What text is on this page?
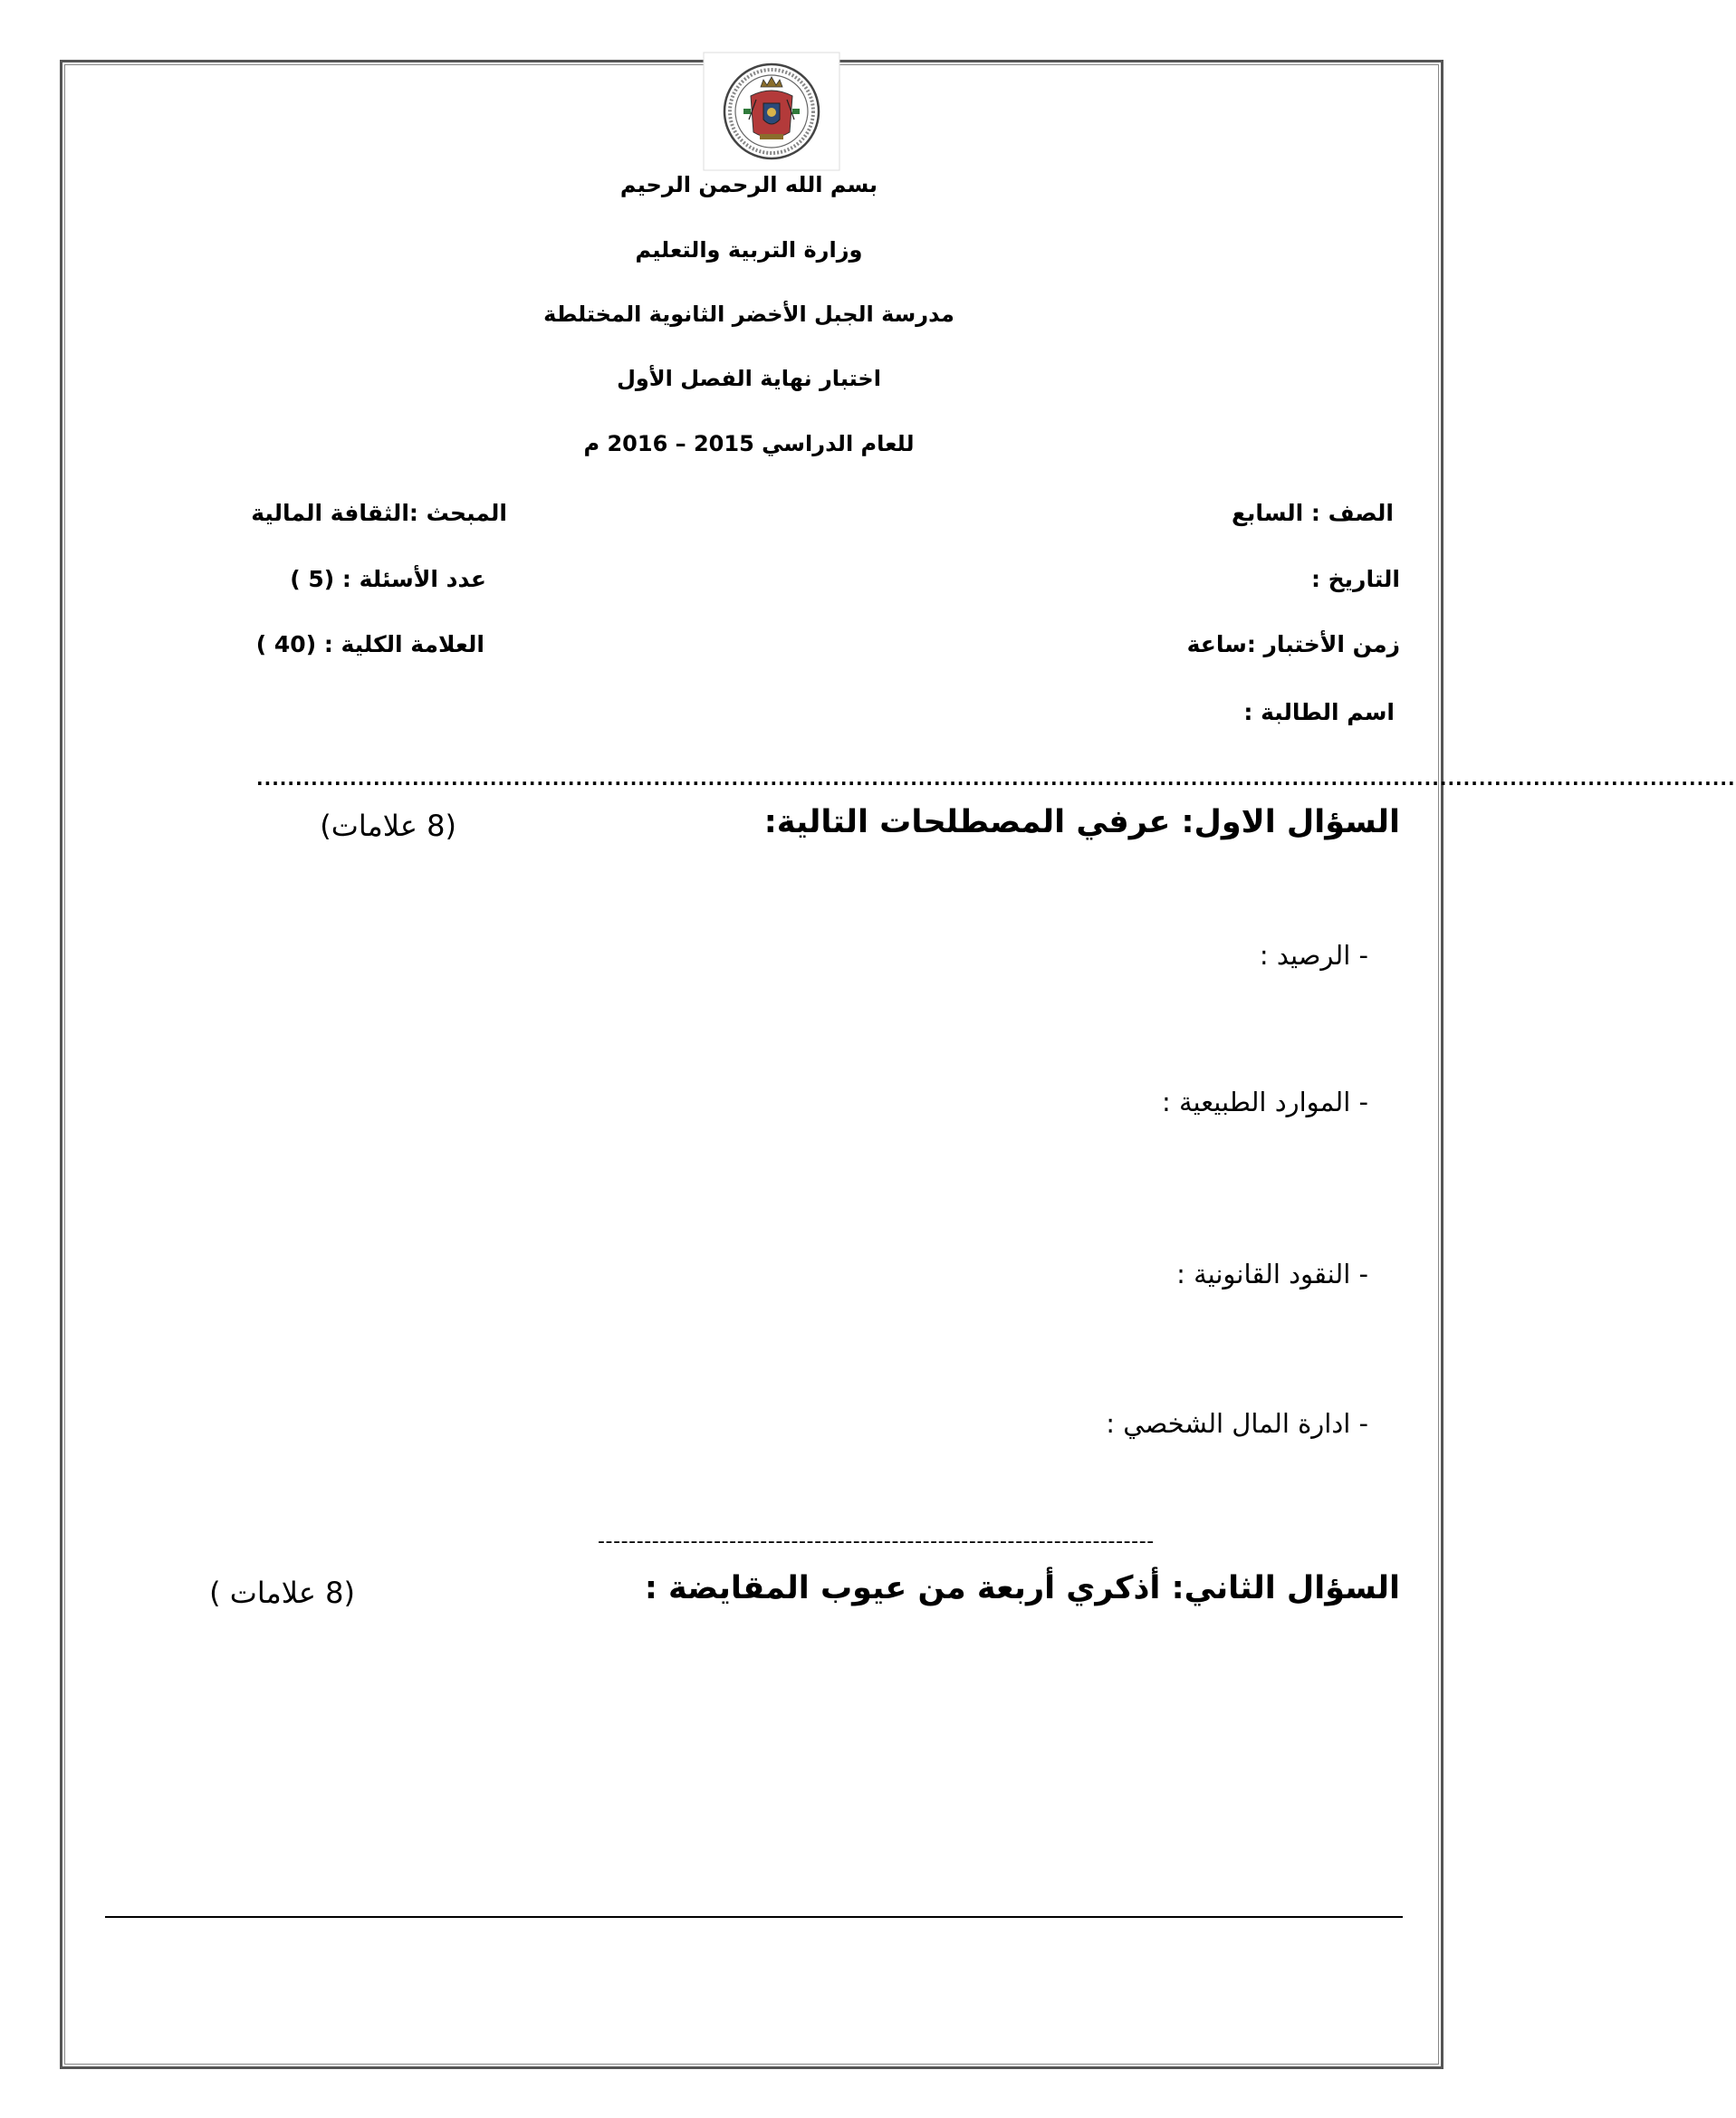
بسم الله الرحمن الرحيم
وزارة التربية والتعليم
مدرسة الجبل الأخضر الثانوية المختلطة
اختبار نهاية الفصل الأول
للعام الدراسي 2015 – 2016 م
الصف : السابع
المبحث :الثقافة المالية
التاريخ :
عدد الأسئلة : (5 )
زمن الأختبار :ساعة
العلامة الكلية : (40 )
اسم الطالبة :
..............................................................................................................................................................................................
السؤال الاول: عرفي المصطلحات التالية:
(8 علامات)
- الرصيد :
- الموارد الطبيعية :
- النقود القانونية :
- ادارة المال الشخصي :
------------------------------------------------------------------------
السؤال الثاني: أذكري أربعة من عيوب المقايضة :
(8 علامات )
